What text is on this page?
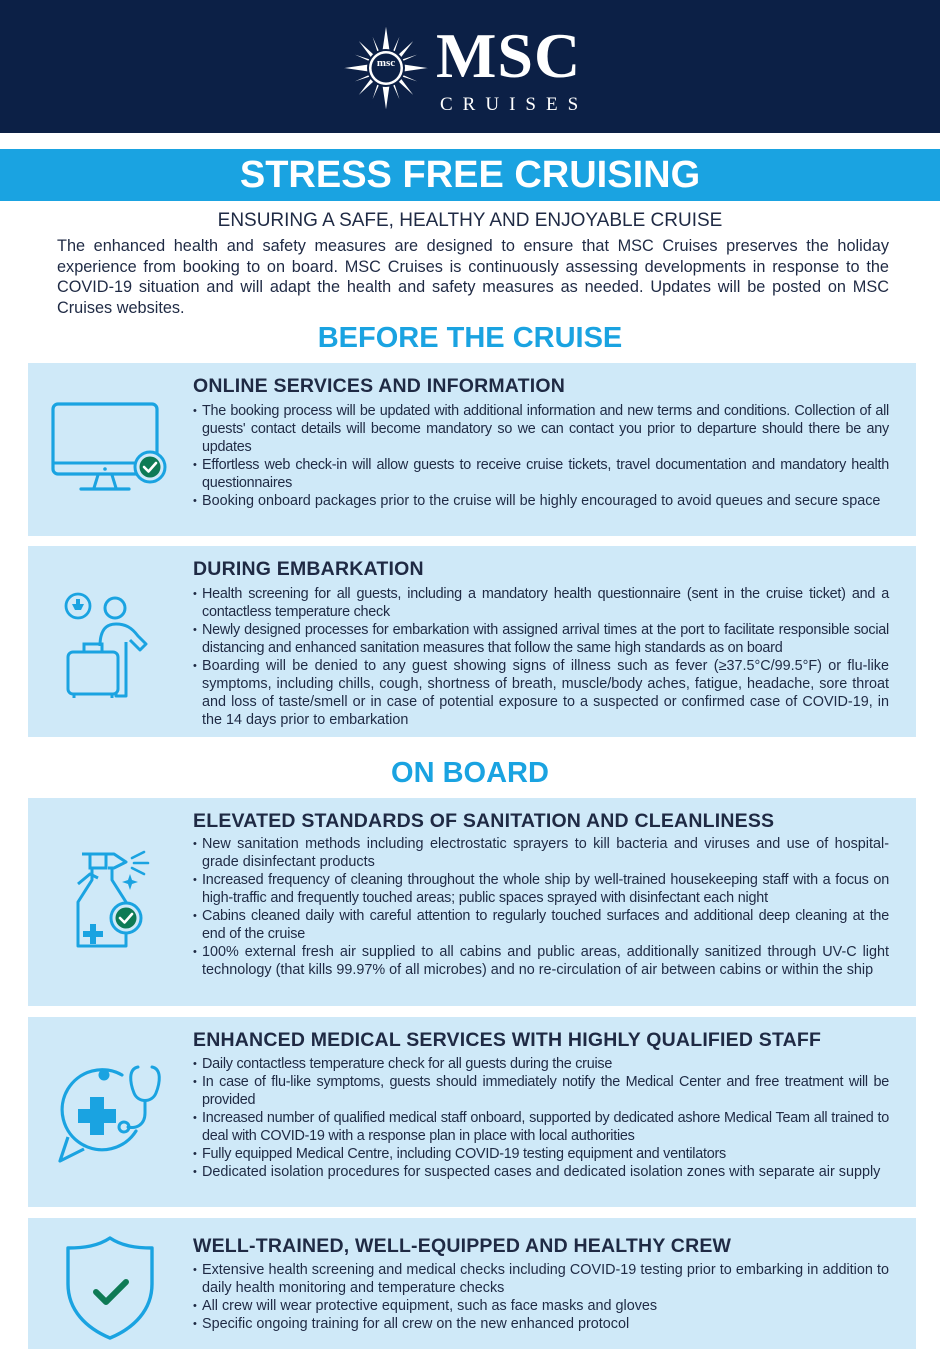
msc MSC
CRUISES
STRESS FREE CRUISING
ENSURING A SAFE, HEALTHY AND ENJOYABLE CRUISE
The enhanced health and safety measures are designed to ensure that MSC Cruises preserves the holiday experience from booking to on board. MSC Cruises is continuously assessing developments in response to the COVID-19 situation and will adapt the health and safety measures as needed. Updates will be posted on MSC Cruises websites.
BEFORE THE CRUISE
ONLINE SERVICES AND INFORMATION
• The booking process will be updated with additional information and new terms and conditions. Collection of all guests' contact details will become mandatory so we can contact you prior to departure should there be any updates
• Effortless web check-in will allow guests to receive cruise tickets, travel documentation and mandatory health questionnaires
• Booking onboard packages prior to the cruise will be highly encouraged to avoid queues and secure space
DURING EMBARKATION
• Health screening for all guests, including a mandatory health questionnaire (sent in the cruise ticket) and a contactless temperature check
• Newly designed processes for embarkation with assigned arrival times at the port to facilitate responsible social distancing and enhanced sanitation measures that follow the same high standards as on board
• Boarding will be denied to any guest showing signs of illness such as fever (≥37.5°C/99.5°F) or flu-like symptoms, including chills, cough, shortness of breath, muscle/body aches, fatigue, headache, sore throat and loss of taste/smell or in case of potential exposure to a suspected or confirmed case of COVID-19, in the 14 days prior to embarkation
ON BOARD
ELEVATED STANDARDS OF SANITATION AND CLEANLINESS
• New sanitation methods including electrostatic sprayers to kill bacteria and viruses and use of hospital-grade disinfectant products
• Increased frequency of cleaning throughout the whole ship by well-trained housekeeping staff with a focus on high-traffic and frequently touched areas; public spaces sprayed with disinfectant each night
• Cabins cleaned daily with careful attention to regularly touched surfaces and additional deep cleaning at the end of the cruise
• 100% external fresh air supplied to all cabins and public areas, additionally sanitized through UV-C light technology (that kills 99.97% of all microbes) and no re-circulation of air between cabins or within the ship
ENHANCED MEDICAL SERVICES WITH HIGHLY QUALIFIED STAFF
• Daily contactless temperature check for all guests during the cruise
• In case of flu-like symptoms, guests should immediately notify the Medical Center and free treatment will be provided
• Increased number of qualified medical staff onboard, supported by dedicated ashore Medical Team all trained to deal with COVID-19 with a response plan in place with local authorities
• Fully equipped Medical Centre, including COVID-19 testing equipment and ventilators
• Dedicated isolation procedures for suspected cases and dedicated isolation zones with separate air supply
WELL-TRAINED, WELL-EQUIPPED AND HEALTHY CREW
• Extensive health screening and medical checks including COVID-19 testing prior to embarking in addition to daily health monitoring and temperature checks
• All crew will wear protective equipment, such as face masks and gloves
• Specific ongoing training for all crew on the new enhanced protocol
